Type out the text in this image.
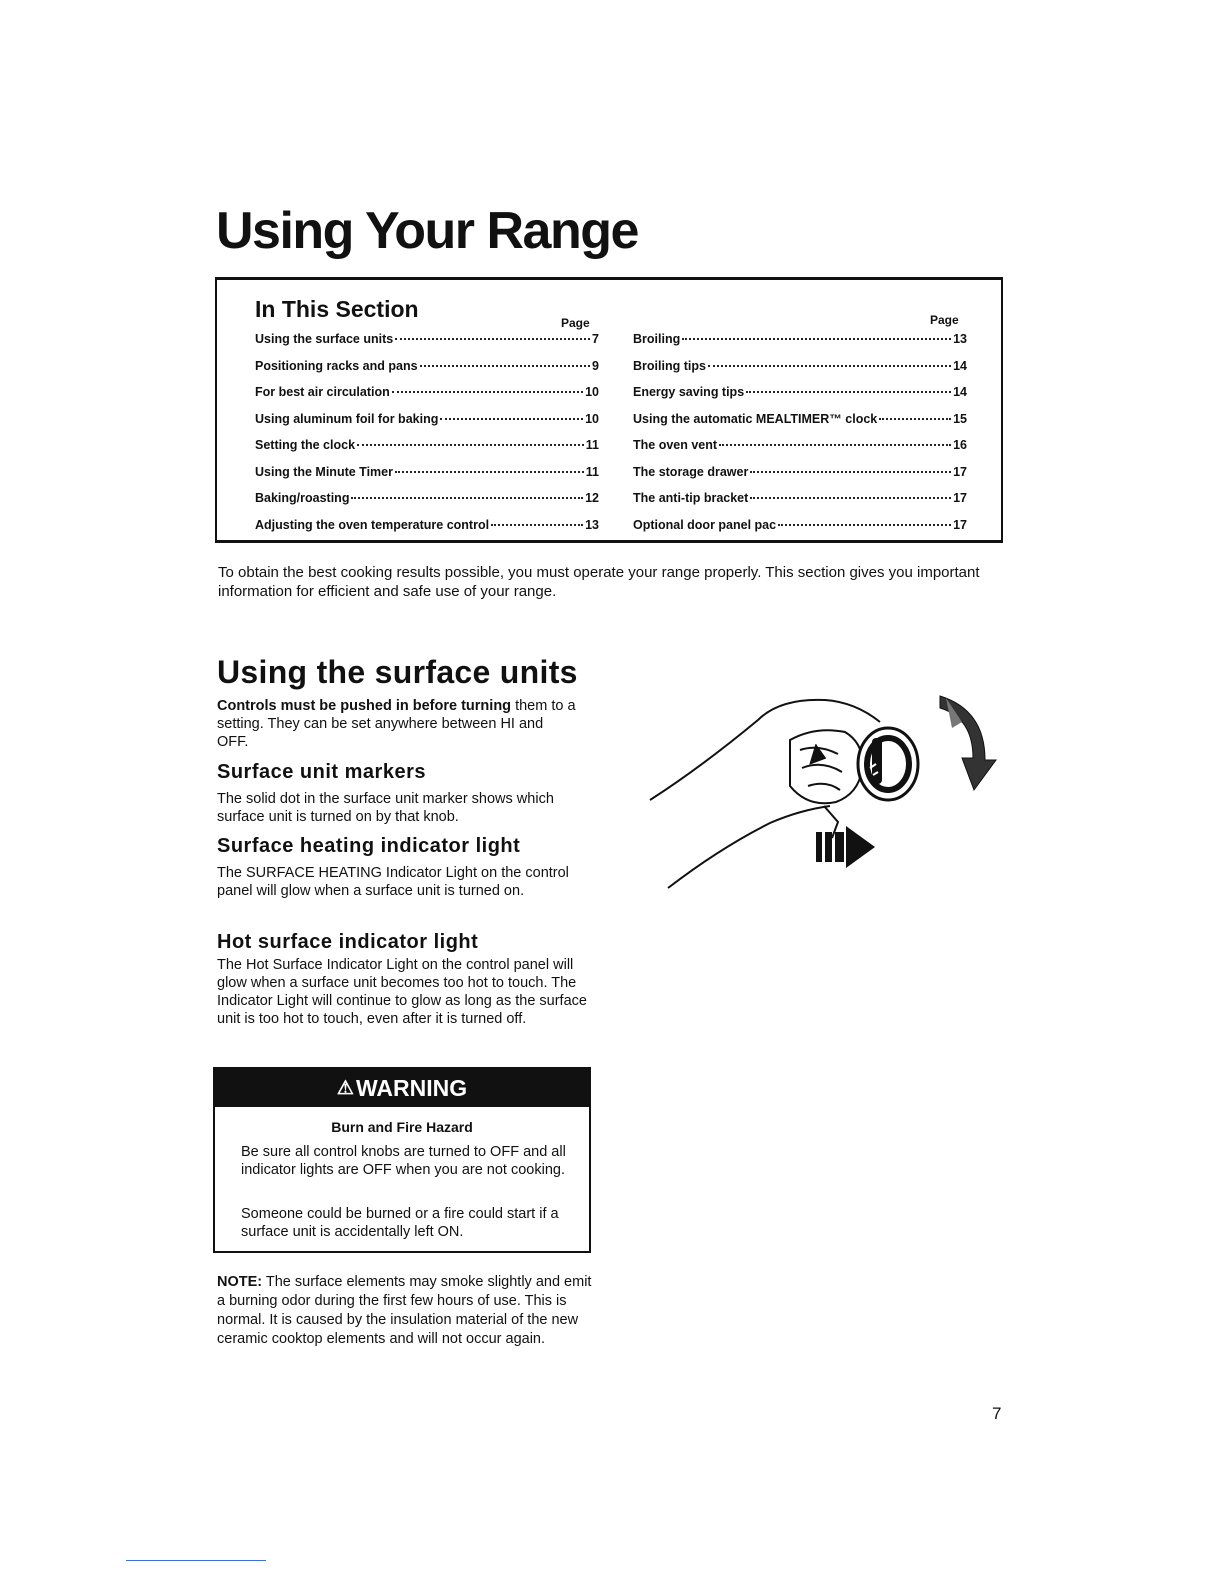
Using Your Range
In This Section
Page	Page
Using the surface units	7
Positioning racks and pans	9
For best air circulation	10
Using aluminum foil for baking	10
Setting the clock	11
Using the Minute Timer	11
Baking/roasting	12
Adjusting the oven temperature control	13
Broiling	13
Broiling tips	14
Energy saving tips	14
Using the automatic MEALTIMER™ clock	15
The oven vent	16
The storage drawer	17
The anti-tip bracket	17
Optional door panel pac	17

To obtain the best cooking results possible, you must operate your range properly. This section gives you important information for efficient and safe use of your range.

Using the surface units

Controls must be pushed in before turning them to a setting. They can be set anywhere between HI and OFF.

Surface unit markers

The solid dot in the surface unit marker shows which surface unit is turned on by that knob.

Surface heating indicator light

The SURFACE HEATING Indicator Light on the control panel will glow when a surface unit is turned on.

Hot surface indicator light

The Hot Surface Indicator Light on the control panel will glow when a surface unit becomes too hot to touch. The Indicator Light will continue to glow as long as the surface unit is too hot to touch, even after it is turned off.

⚠ WARNING
Burn and Fire Hazard

Be sure all control knobs are turned to OFF and all indicator lights are OFF when you are not cooking.

Someone could be burned or a fire could start if a surface unit is accidentally left ON.

NOTE: The surface elements may smoke slightly and emit a burning odor during the first few hours of use. This is normal. It is caused by the insulation material of the new ceramic cooktop elements and will not occur again.

7
